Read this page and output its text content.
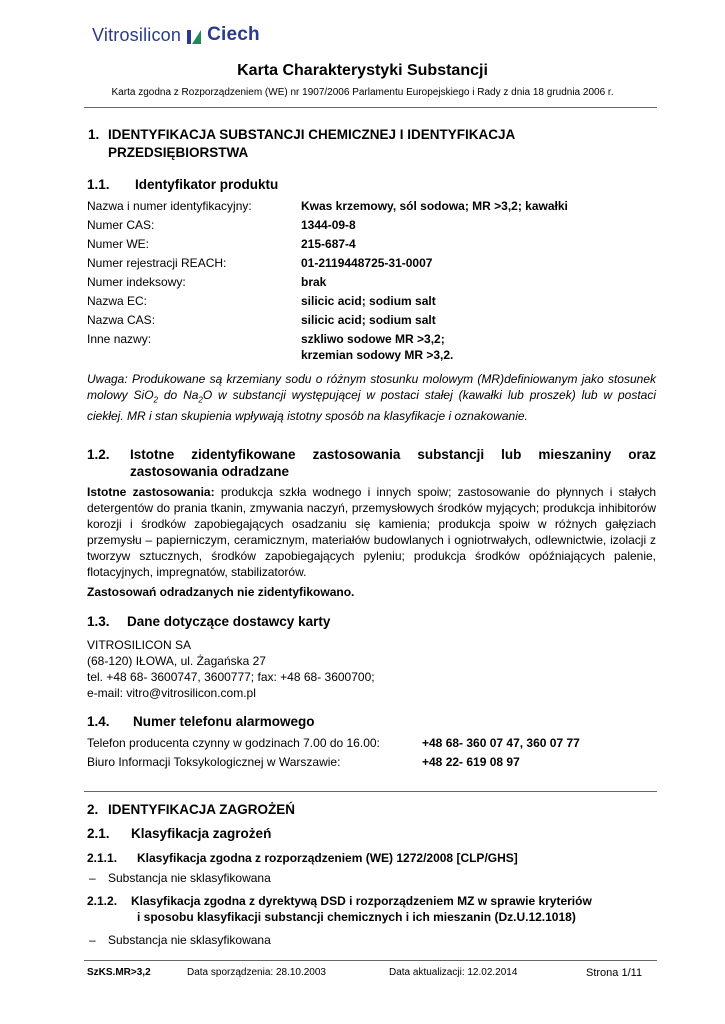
Vitrosilicon Ciech
Karta Charakterystyki Substancji
Karta zgodna z Rozporządzeniem (WE) nr 1907/2006 Parlamentu Europejskiego i Rady z dnia 18 grudnia 2006 r.
1. IDENTYFIKACJA SUBSTANCJI CHEMICZNEJ I IDENTYFIKACJA
PRZEDSIĘBIORSTWA
1.1. Identyfikator produktu
Nazwa i numer identyfikacyjny:	Kwas krzemowy, sól sodowa; MR >3,2; kawałki
Numer CAS:	1344-09-8
Numer WE:	215-687-4
Numer rejestracji REACH:	01-2119448725-31-0007
Numer indeksowy:	brak
Nazwa EC:	silicic acid; sodium salt
Nazwa CAS:	silicic acid; sodium salt
Inne nazwy:	szkliwo sodowe MR >3,2;
krzemian sodowy MR >3,2.
Uwaga: Produkowane są krzemiany sodu o różnym stosunku molowym (MR)definiowanym jako stosunek molowy SiO$_2$ do $Na_2O$ w substancji występującej w postaci stałej (kawałki lub proszek) lub w postaci ciekłej. MR i stan skupienia wpływają istotny sposób na klasyfikacje i oznakowanie.
1.2. Istotne zidentyfikowane zastosowania substancji lub mieszaniny oraz
zastosowania odradzane
Istotne zastosowania: produkcja szkła wodnego i innych spoiw; zastosowanie do płynnych i stałych detergentów do prania tkanin, zmywania naczyń, przemysłowych środków myjących; produkcja inhibitorów korozji i środków zapobiegających osadzaniu się kamienia; produkcja spoiw w różnych gałęziach przemysłu – papierniczym, ceramicznym, materiałów budowlanych i ogniotrwałych, odlewnictwie, izolacji z tworzyw sztucznych, środków zapobiegających pyleniu; produkcja środków opóźniających palenie, flotacyjnych, impregnatów, stabilizatorów.
Zastosowań odradzanych nie zidentyfikowano.
1.3. Dane dotyczące dostawcy karty
VITROSILICON SA
(68-120) IŁOWA, ul. Żagańska 27
tel. +48 68- 3600747, 3600777; fax: +48 68- 3600700;
e-mail: vitro@vitrosilicon.com.pl
1.4. Numer telefonu alarmowego
Telefon producenta czynny w godzinach 7.00 do 16.00:	+48 68- 360 07 47, 360 07 77
Biuro Informacji Toksykologicznej w Warszawie:	+48 22- 619 08 97
2. IDENTYFIKACJA ZAGROŻEŃ
2.1. Klasyfikacja zagrożeń
2.1.1. Klasyfikacja zgodna z rozporządzeniem (WE) 1272/2008 [CLP/GHS]
– Substancja nie sklasyfikowana
2.1.2. Klasyfikacja zgodna z dyrektywą DSD i rozporządzeniem MZ w sprawie kryteriów
i sposobu klasyfikacji substancji chemicznych i ich mieszanin (Dz.U.12.1018)
– Substancja nie sklasyfikowana
SzKS.MR>3,2	Data sporządzenia: 28.10.2003	Data aktualizacji: 12.02.2014	Strona 1/11
